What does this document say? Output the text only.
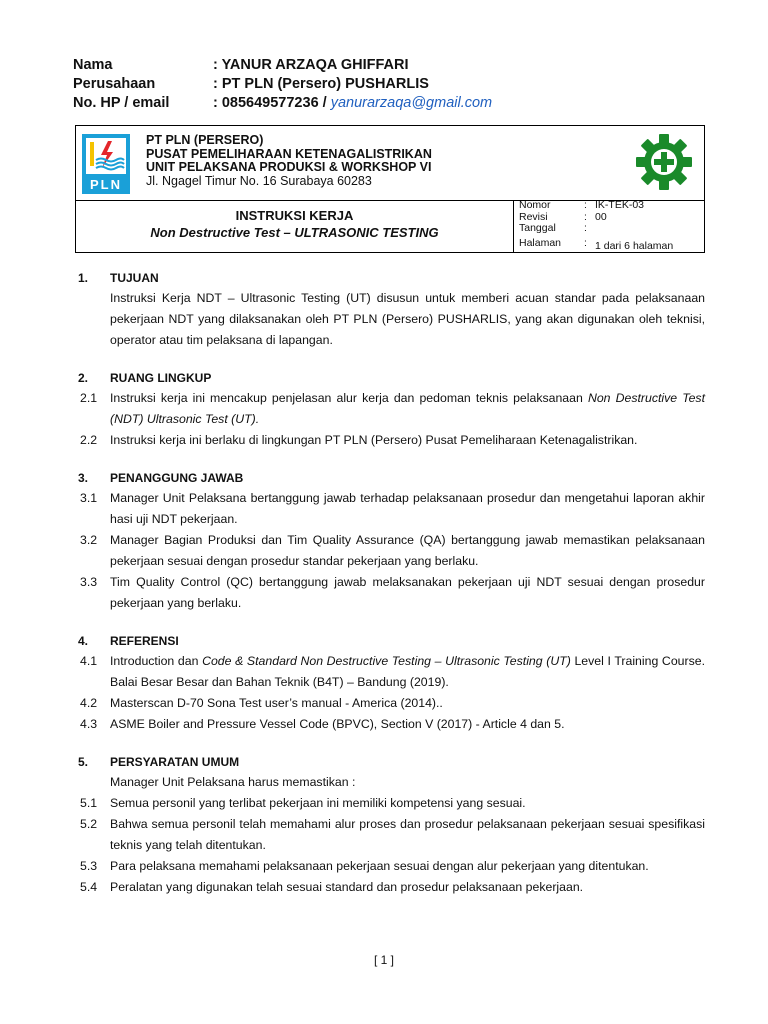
Nama	: YANUR ARZAQA GHIFFARI
Perusahaan	: PT PLN (Persero) PUSHARLIS
No. HP / email	: 085649577236 / yanurarzaqa@gmail.com
PLN
PT PLN (PERSERO)
PUSAT PEMELIHARAAN KETENAGALISTRIKAN
UNIT PELAKSANA PRODUKSI & WORKSHOP VI
Jl. Ngagel Timur No. 16 Surabaya 60283
INSTRUKSI KERJA
Non Destructive Test – ULTRASONIC TESTING
Nomor	: IK-TEK-03
Revisi	: 00
Tanggal	:
Halaman : 1 dari 6 halaman
1. TUJUAN
Instruksi Kerja NDT – Ultrasonic Testing (UT) disusun untuk memberi acuan standar pada pelaksanaan pekerjaan NDT yang dilaksanakan oleh PT PLN (Persero) PUSHARLIS, yang akan digunakan oleh teknisi, operator atau tim pelaksana di lapangan.
2. RUANG LINGKUP
2.1 Instruksi kerja ini mencakup penjelasan alur kerja dan pedoman teknis pelaksanaan Non Destructive Test (NDT) Ultrasonic Test (UT).
2.2 Instruksi kerja ini berlaku di lingkungan PT PLN (Persero) Pusat Pemeliharaan Ketenagalistrikan.
3. PENANGGUNG JAWAB
3.1 Manager Unit Pelaksana bertanggung jawab terhadap pelaksanaan prosedur dan mengetahui laporan akhir hasi uji NDT pekerjaan.
3.2 Manager Bagian Produksi dan Tim Quality Assurance (QA) bertanggung jawab memastikan pelaksanaan pekerjaan sesuai dengan prosedur standar pekerjaan yang berlaku.
3.3 Tim Quality Control (QC) bertanggung jawab melaksanakan pekerjaan uji NDT sesuai dengan prosedur pekerjaan yang berlaku.
4. REFERENSI
4.1 Introduction dan Code & Standard Non Destructive Testing – Ultrasonic Testing (UT) Level I Training Course. Balai Besar Besar dan Bahan Teknik (B4T) – Bandung (2019).
4.2 Masterscan D-70 Sona Test user’s manual - America (2014)..
4.3 ASME Boiler and Pressure Vessel Code (BPVC), Section V (2017) - Article 4 dan 5.
5. PERSYARATAN UMUM
Manager Unit Pelaksana harus memastikan :
5.1 Semua personil yang terlibat pekerjaan ini memiliki kompetensi yang sesuai.
5.2 Bahwa semua personil telah memahami alur proses dan prosedur pelaksanaan pekerjaan sesuai spesifikasi teknis yang telah ditentukan.
5.3 Para pelaksana memahami pelaksanaan pekerjaan sesuai dengan alur pekerjaan yang ditentukan.
5.4 Peralatan yang digunakan telah sesuai standard dan prosedur pelaksanaan pekerjaan.
[ 1 ]
